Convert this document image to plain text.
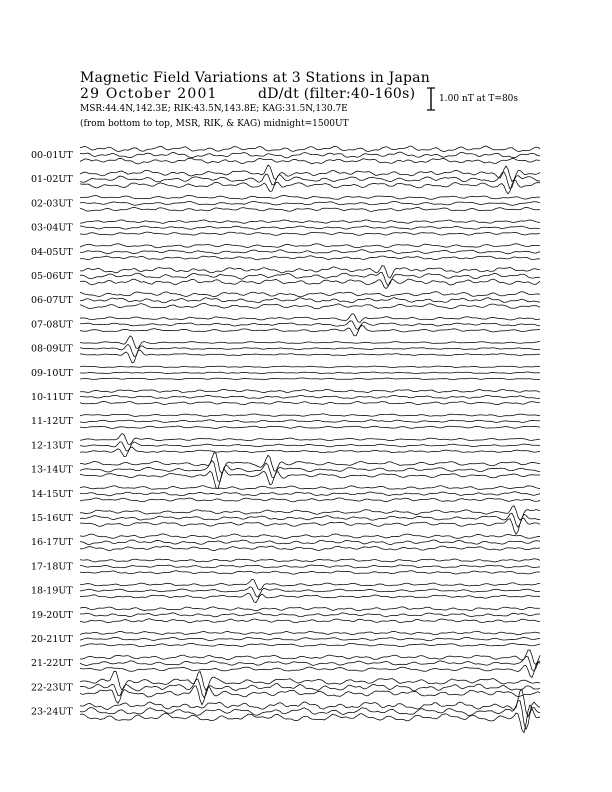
Magnetic Field Variations at 3 Stations in Japan
29 October 2001	dD/dt (filter:40-160s)
MSR:44.4N,142.3E; RIK:43.5N,143.8E; KAG:31.5N,130.7E
(from bottom to top, MSR, RIK, & KAG) midnight=1500UT
1.00 nT at T=80s
00-01UT
01-02UT
02-03UT
03-04UT
04-05UT
05-06UT
06-07UT
07-08UT
08-09UT
09-10UT
10-11UT
11-12UT
12-13UT
13-14UT
14-15UT
15-16UT
16-17UT
17-18UT
18-19UT
19-20UT
20-21UT
21-22UT
22-23UT
23-24UT
